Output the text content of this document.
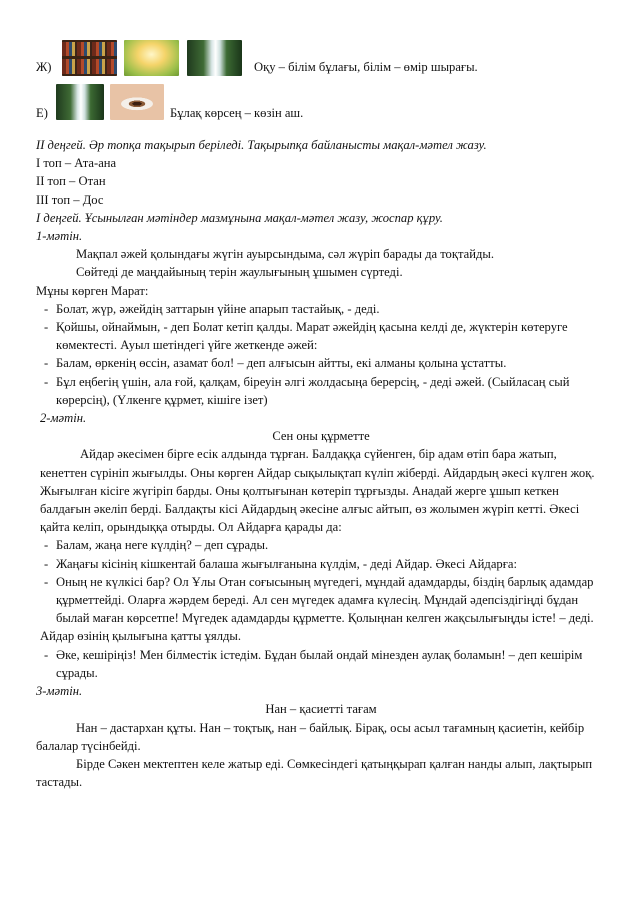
Ж)	Оқу – білім бұлағы, білім – өмір шырағы.
Е)	Бұлақ көрсең – көзін аш.

ІІ деңгей. Әр топқа тақырып беріледі. Тақырыпқа байланысты мақал-мәтел жазу.

І топ – Ата-ана

ІІ топ – Отан

ІІІ топ – Дос

І деңгей. Ұсынылған мәтіндер мазмұнына мақал-мәтел жазу, жоспар құру.

1-мәтін.

Мақпал әжей қолындағы жүгін ауырсындыма, сәл жүріп барады да тоқтайды.

Сөйтеді де маңдайының терін жаулығының ұшымен сүртеді.

Мұны көрген Марат:

- Болат, жүр, әжейдің заттарын үйіне апарып тастайық, - деді.

- Қойшы, ойнаймын, - деп Болат кетіп қалды. Марат әжейдің қасына келді де, жүктерін көтеруге көмектесті. Ауыл шетіндегі үйге жеткенде әжей:

- Балам, өркенің өссін, азамат бол! – деп алғысын айтты, екі алманы қолына ұстатты.

- Бұл еңбегің үшін, ала ғой, қалқам, біреуін әлгі жолдасыңа берерсің, - деді әжей. (Сыйласаң сый көрерсің), (Үлкенге құрмет, кішіге ізет)

2-мәтін.

Сен оны құрметте

Айдар әкесімен бірге есік алдында тұрған. Балдаққа сүйенген, бір адам өтіп бара жатып, кенеттен сүрініп жығылды. Оны көрген Айдар сықылықтап күліп жіберді. Айдардың әкесі күлген жоқ. Жығылған кісіге жүгіріп барды. Оны қолтығынан көтеріп тұрғызды. Анадай жерге ұшып кеткен балдағын әкеліп берді. Балдақты кісі Айдардың әкесіне алғыс айтып, өз жолымен жүріп кетті. Әкесі қайта келіп, орындыққа отырды. Ол Айдарға қарады да:

- Балам, жаңа неге күлдің? – деп сұрады.

- Жаңағы кісінің кішкентай балаша жығылғанына күлдім, - деді Айдар. Әкесі Айдарға:

- Оның не күлкісі бар? Ол Ұлы Отан соғысының мүгедегі, мұндай адамдарды, біздің барлық адамдар құрметтейді. Оларға жәрдем береді. Ал сен мүгедек адамға күлесің. Мұндай әдепсіздігіңді бұдан былай маған көрсетпе! Мүгедек адамдарды құрметте. Қолыңнан келген жақсылығыңды істе! – деді.

Айдар өзінің қылығына қатты ұялды.

- Әке, кешіріңіз! Мен білместік істедім. Бұдан былай ондай мінезден аулақ боламын! – деп кешірім сұрады.

3-мәтін.

Нан – қасиетті тағам

Нан – дастархан құты. Нан – тоқтық, нан – байлық. Бірақ, осы асыл тағамның қасиетін, кейбір балалар түсінбейді.

Бірде Сәкен мектептен келе жатыр еді. Сөмкесіндегі қатыңқырап қалған нанды алып, лақтырып тастады.
